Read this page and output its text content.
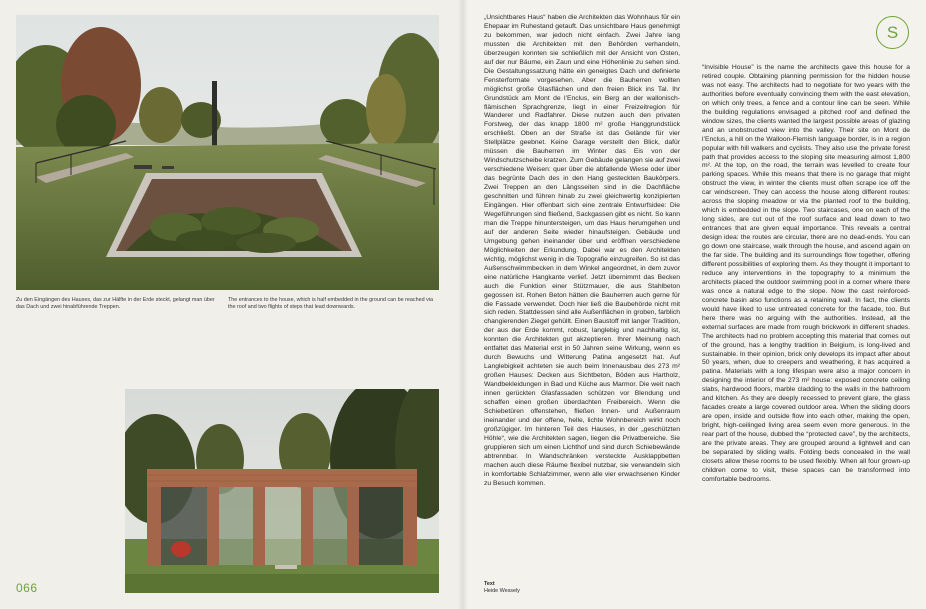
Zu den Eingängen des Hauses, das zur Hälfte in der Erde steckt, gelangt man über das Dach und zwei hinabführende Treppen.
The entrances to the house, which is half embedded in the ground can be reached via the roof and two flights of steps that lead downwards.
066
„Unsichtbares Haus“ haben die Architekten das Wohnhaus für ein Ehepaar im Ruhestand getauft. Das unsichtbare Haus genehmigt zu bekommen, war jedoch nicht einfach. Zwei Jahre lang mussten die Architekten mit den Behörden verhandeln, überzeugen konnten sie schließlich mit der Ansicht von Osten, auf der nur Bäume, ein Zaun und eine Höhenlinie zu sehen sind. Die Gestaltungssatzung hätte ein geneigtes Dach und definierte Fensterformate vorgesehen. Aber die Bauherren wollten möglichst große Glasflächen und den freien Blick ins Tal. Ihr Grundstück am Mont de l’Enclus, ein Berg an der wallonisch-flämischen Sprachgrenze, liegt in einer Freizeitregion für Wanderer und Radfahrer. Diese nutzen auch den privaten Forstweg, der das knapp 1800 m² große Hanggrundstück erschließt. Oben an der Straße ist das Gelände für vier Stellplätze geebnet. Keine Garage verstellt den Blick, dafür müssen die Bauherren im Winter das Eis von der Windschutzscheibe kratzen. Zum Gebäude gelangen sie auf zwei verschiedene Weisen: quer über die abfallende Wiese oder über das begrünte Dach des in den Hang gesteckten Baukörpers. Zwei Treppen an den Längsseiten sind in die Dachfläche geschnitten und führen hinab zu zwei gleichwertig konzipierten Eingängen. Hier offenbart sich eine zentrale Entwurfsidee: Die Wegeführungen sind fließend, Sackgassen gibt es nicht. So kann man die Treppe hinuntersteigen, um das Haus herumgehen und auf der anderen Seite wieder hinaufsteigen. Gebäude und Umgebung gehen ineinander über und eröffnen verschiedene Möglichkeiten der Erkundung. Dabei war es den Architekten wichtig, möglichst wenig in die Topografie einzugreifen. So ist das Außenschwimmbecken in dem Winkel angeordnet, in dem zuvor eine natürliche Hangkante verlief. Jetzt übernimmt das Becken auch die Funktion einer Stützmauer, die aus Stahlbeton gegossen ist. Rohen Beton hätten die Bauherren auch gerne für die Fassade verwendet. Doch hier ließ die Baubehörde nicht mit sich reden. Stattdessen sind alle Außenflächen in groben, farblich changierenden Ziegel gehüllt. Einen Baustoff mit langer Tradition, der aus der Erde kommt, robust, langlebig und nachhaltig ist, konnten die Architekten gut akzeptieren. Ihrer Meinung nach entfaltet das Material erst in 50 Jahren seine Wirkung, wenn es durch Bewuchs und Witterung Patina angesetzt hat. Auf Langlebigkeit achteten sie auch beim Innenausbau des 273 m² großen Hauses: Decken aus Sichtbeton, Böden aus Hartholz, Wandbekleidungen in Bad und Küche aus Marmor. Die weit nach innen gerückten Glasfassaden schützen vor Blendung und schaffen einen großen überdachten Freibereich. Wenn die Schiebetüren offenstehen, fließen Innen- und Außenraum ineinander und der offene, helle, lichte Wohnbereich wirkt noch großzügiger. Im hinteren Teil des Hauses, in der „geschützten Höhle“, wie die Architekten sagen, liegen die Privatbereiche. Sie gruppieren sich um einen Lichthof und sind durch Schiebewände abtrennbar. In Wandschränken versteckte Ausklappbetten machen auch diese Räume flexibel nutzbar, sie verwandeln sich in komfortable Schlafzimmer, wenn alle vier erwachsenen Kinder zu Besuch kommen.
“Invisible House” is the name the architects gave this house for a retired couple. Obtaining planning permission for the hidden house was not easy. The architects had to negotiate for two years with the authorities before eventually convincing them with the east elevation, on which only trees, a fence and a contour line can be seen. While the building regulations envisaged a pitched roof and defined the window sizes, the clients wanted the largest possible areas of glazing and an unobstructed view into the valley. Their site on Mont de l’Enclus, a hill on the Walloon-Flemish language border, is in a region popular with hill walkers and cyclists. They also use the private forest path that provides access to the sloping site measuring almost 1,800 m². At the top, on the road, the terrain was levelled to create four parking spaces. While this means that there is no garage that might obstruct the view, in winter the clients must often scrape ice off the car windscreen. They can access the house along different routes: across the sloping meadow or via the planted roof to the building, which is embedded in the slope. Two staircases, one on each of the long sides, are cut out of the roof surface and lead down to two entrances that are given equal importance. This reveals a central design idea: the routes are circular, there are no dead-ends. You can go down one staircase, walk through the house, and ascend again on the far side. The building and its surroundings flow together, offering different possibilities of exploring them. As they thought it important to reduce any interventions in the topography to a minimum the architects placed the outdoor swimming pool in a corner where there was once a natural edge to the slope. Now the cast reinforced-concrete basin also functions as a retaining wall. In fact, the clients would have liked to use untreated concrete for the facade, too. But here there was no arguing with the authorities. Instead, all the external surfaces are made from rough brickwork in different shades. The architects had no problem accepting this material that comes out of the ground, has a lengthy tradition in Belgium, is long-lived and sustainable. In their opinion, brick only develops its impact after about 50 years, when, due to creepers and weathering, it has acquired a patina. Materials with a long lifespan were also a major concern in designing the interior of the 273 m² house: exposed concrete ceiling slabs, hardwood floors, marble cladding to the walls in the bathroom and kitchen. As they are deeply recessed to prevent glare, the glass facades create a large covered outdoor area. When the sliding doors are open, inside and outside flow into each other, making the open, bright, high-ceilinged living area seem even more generous. In the rear part of the house, dubbed the “protected cave”, by the architects, are the private areas. They are grouped around a lightwell and can be separated by sliding walls. Folding beds concealed in the wall closets allow these rooms to be used flexibly. When all four grown-up children come to visit, these spaces can be transformed into comfortable bedrooms.
Text
Heide Wessely
S
